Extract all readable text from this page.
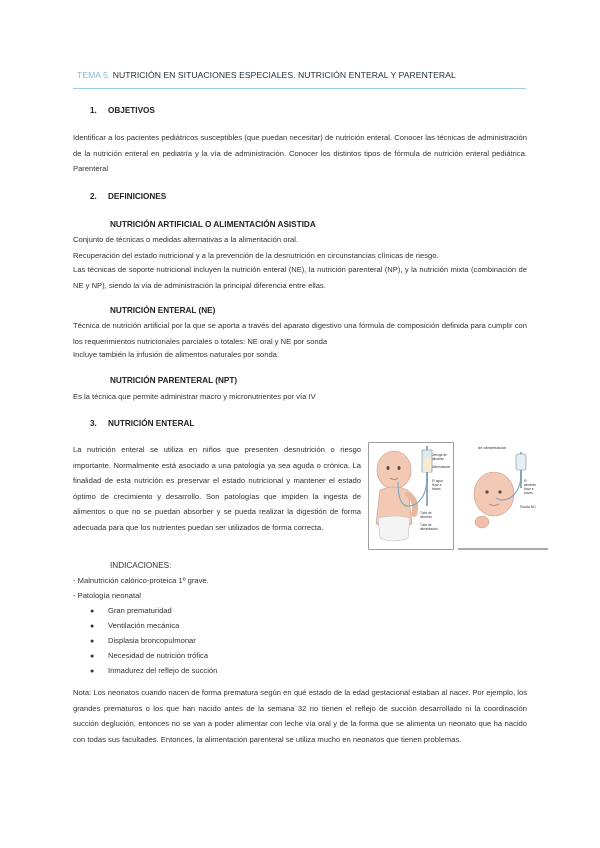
TEMA 5. NUTRICIÓN EN SITUACIONES ESPECIALES. NUTRICIÓN ENTERAL Y PARENTERAL
1. OBJETIVOS
Identificar a los pacientes pediátricos susceptibles (que puedan necesitar) de nutrición enteral. Conocer las técnicas de administración de la nutrición enteral en pediatría y la vía de administración. Conocer los distintos tipos de fórmula de nutrición enteral pediátrica. Parenteral
2. DEFINICIONES
NUTRICIÓN ARTIFICIAL O ALIMENTACIÓN ASISTIDA
Conjunto de técnicas o medidas alternativas a la alimentación oral.
Recuperación del estado nutricional y a la prevención de la desnutrición en circunstancias clínicas de riesgo.
Las técnicas de soporte nutricional incluyen la nutrición enteral (NE), la nutrición parenteral (NP), y la nutrición mixta (combinación de NE y NP), siendo la vía de administración la principal diferencia entre ellas.
NUTRICIÓN ENTERAL (NE)
Técnica de nutrición artificial por la que se aporta a través del aparato digestivo una fórmula de composición definida para cumplir con los requerimientos nutricionales parciales o totales: NE oral y NE por sonda
Incluye también la infusión de alimentos naturales por sonda.
NUTRICIÓN PARENTERAL (NPT)
Es la técnica que permite administrar macro y micronutrientes por vía IV
3. NUTRICIÓN ENTERAL
La nutrición enteral se utiliza en niños que presenten desnutrición o riesgo importante. Normalmente está asociado a una patología ya sea aguda o crónica. La finalidad de esta nutrición es preservar el estado nutricional y mantener el estado óptimo de crecimiento y desarrollo. Son patologías que impiden la ingesta de alimentos o que no se puedan absorber y se pueda realizar la digestión de forma adecuada para que los nutrientes puedan ser utilizados de forma correcta.
Jeringa de
alimento
Alimentación
El agua
fluye a
traves
Tubo de
alimento
Tubo de
alimentación
de alimentación
El
alimento
fluye a
traves
Sonda NG
INDICACIONES:
- Malnutrición calórico-proteica 1º grave.
- Patología neonatal
● Gran prematuridad
● Ventilación mecánica
● Displasia broncopulmonar
● Necesidad de nutrición trófica
● Inmadurez del reflejo de succión
Nota: Los neonatos cuando nacen de forma prematura según en qué estado de la edad gestacional estaban al nacer. Por ejemplo, los grandes prematuros o los que han nacido antes de la semana 32 no tienen el reflejo de succión desarrollado ni la coordinación succión deglución, entonces no se van a poder alimentar con leche vía oral y de la forma que se alimenta un neonato que ha nacido con todas sus facultades. Entonces, la alimentación parenteral se utiliza mucho en neonatos que tienen problemas.
